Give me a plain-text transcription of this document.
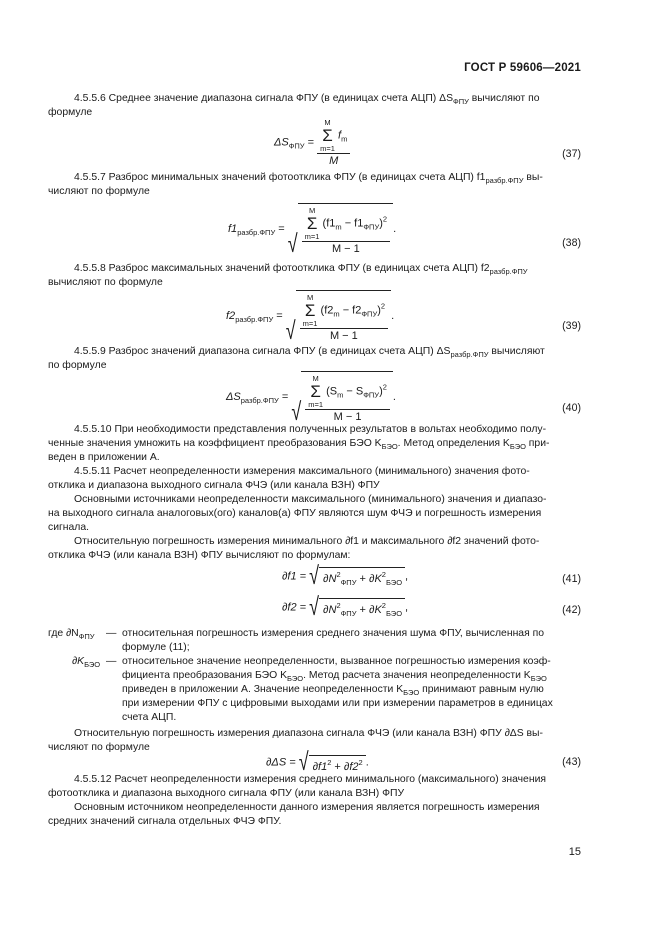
ГОСТ Р 59606—2021
4.5.5.6 Среднее значение диапазона сигнала ФПУ (в единицах счета АЦП) $\Delta S_{ФПУ}$ вычисляют по
формуле
$\Delta S_{ФПУ} = M$
Σ
m=1
$f_m$
M	(37)
4.5.5.7 Разброс минимальных значений фотоотклика ФПУ (в единицах счета АЦП) $f1_{разбр.ФПУ}$ вы-
числяют по формуле
$f1_{разбр.ФПУ}$ = √ M
Σ
m=1
$(f1_m - f1_{ФПУ})^2$
M − 1 .
(38)
4.5.5.8 Разброс максимальных значений фотоотклика ФПУ (в единицах счета АЦП) $f2_{разбр.ФПУ}$
вычисляют по формуле
$f2_{разбр.ФПУ}$ = √ M
Σ
m=1
$(f2_m - f2_{ФПУ})^2$
M − 1 .
(39)
4.5.5.9 Разброс значений диапазона сигнала ФПУ (в единицах счета АЦП) $\Delta S_{разбр.ФПУ}$ вычисляют
по формуле
$\Delta S_{разбр.ФПУ}$ = √ M
Σ
m=1
$(S_m - S_{ФПУ})^2$
M − 1 .
(40)
4.5.5.10 При необходимости представления полученных результатов в вольтах необходимо полу-
ченные значения умножить на коэффициент преобразования БЭО $K_{БЭО}$. Метод определения $K_{БЭО}$ при-
веден в приложении А.
4.5.5.11 Расчет неопределенности измерения максимального (минимального) значения фото-
отклика и диапазона выходного сигнала ФЧЭ (или канала ВЗН) ФПУ
Основными источниками неопределенности максимального (минимального) значения и диапазо-
на выходного сигнала аналоговых(ого) каналов(а) ФПУ являются шум ФЧЭ и погрешность измерения
сигнала.
Относительную погрешность измерения минимального ∂f1 и максимального ∂f2 значений фото-
отклика ФЧЭ (или канала ВЗН) ФПУ вычисляют по формулам:
∂f1 = √ $\partial N^2_{ФПУ} + \partial K^2_{БЭО}$,	(41)
∂f2 = √ $\partial N^2_{ФПУ} + \partial K^2_{БЭО}$,	(42)
где $\partial N_{ФПУ}$ — относительная погрешность измерения среднего значения шума ФПУ, вычисленная по
формуле (11);
$\partial K_{БЭО}$ — относительное значение неопределенности, вызванное погрешностью измерения коэф-
фициента преобразования БЭО $K_{БЭО}$. Метод расчета значения неопределенности $K_{БЭО}$
приведен в приложении А. Значение неопределенности $K_{БЭО}$ принимают равным нулю
при измерении ФПУ с цифровыми выходами или при измерении параметров в единицах
счета АЦП.
Относительную погрешность измерения диапазона сигнала ФЧЭ (или канала ВЗН) ФПУ ∂ΔS вы-
числяют по формуле
∂ΔS = √ $\partial f1^2 + \partial f2^2$ .	(43)
4.5.5.12 Расчет неопределенности измерения среднего минимального (максимального) значения
фотоотклика и диапазона выходного сигнала ФПУ (или канала ВЗН) ФПУ
Основным источником неопределенности данного измерения является погрешность измерения
средних значений сигнала отдельных ФЧЭ ФПУ.
15
